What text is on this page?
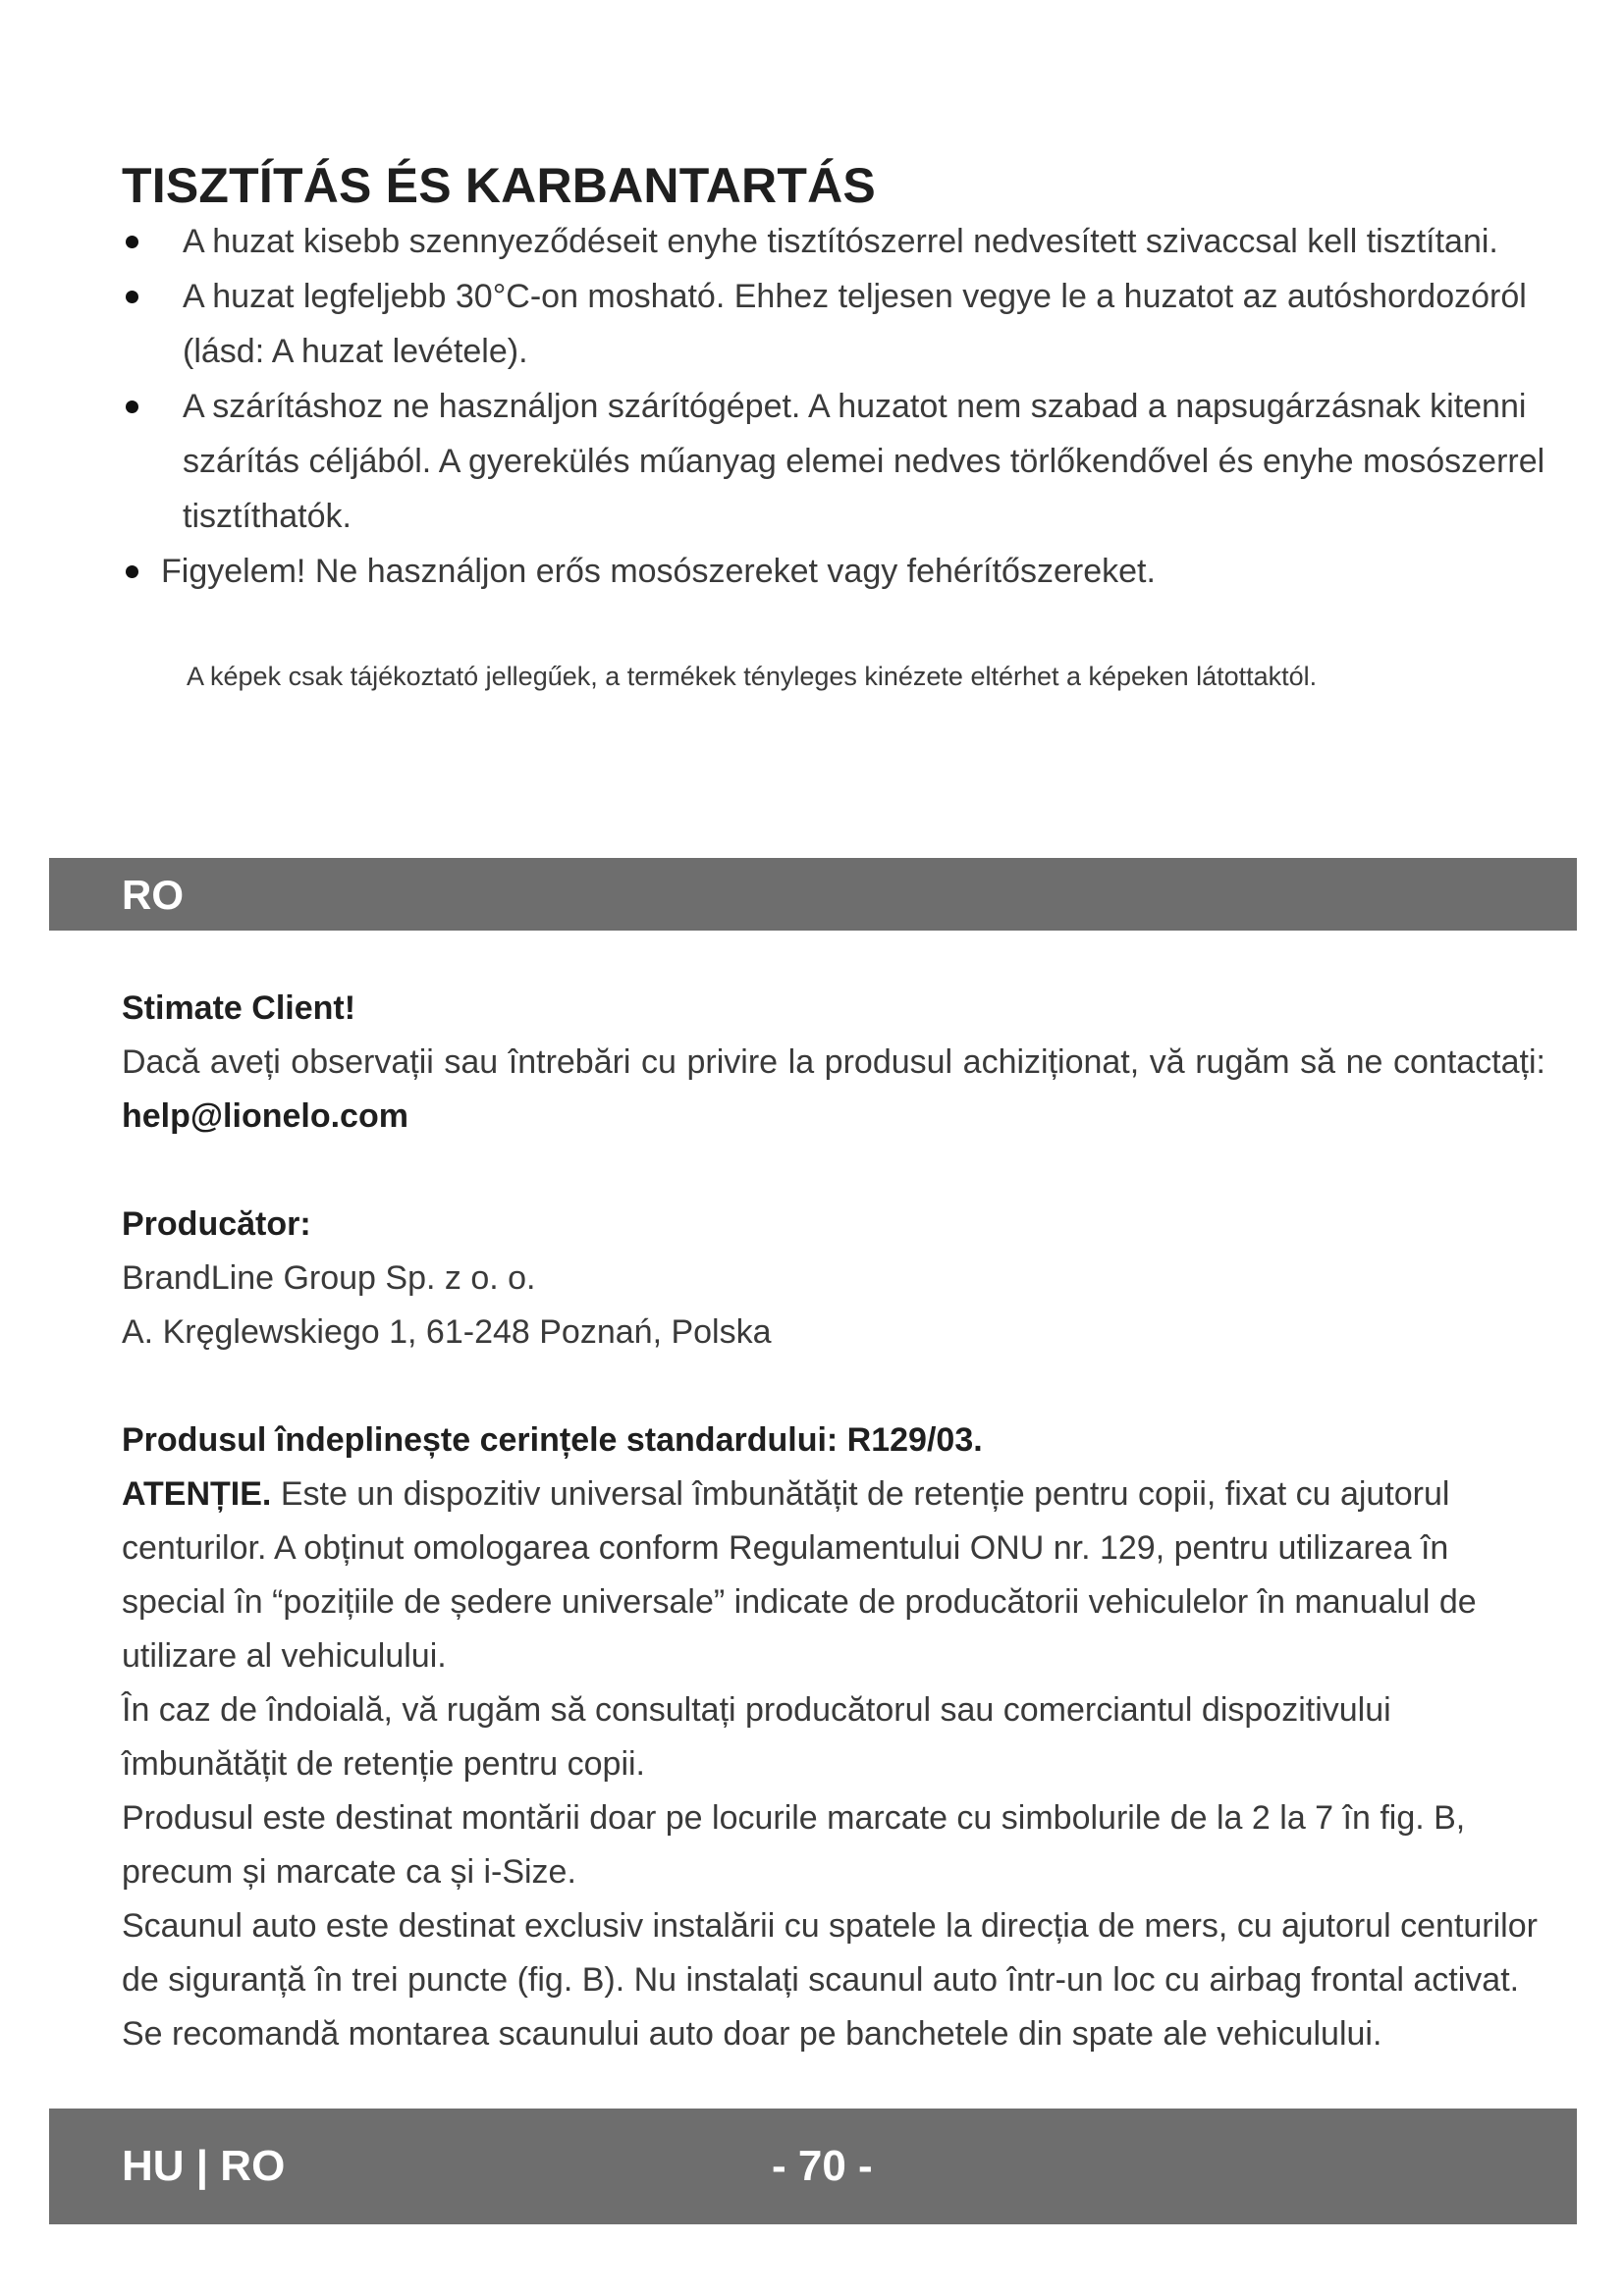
TISZTÍTÁS ÉS KARBANTARTÁS
A huzat kisebb szennyeződéseit enyhe tisztítószerrel nedvesített szivaccsal kell tisztítani.
A huzat legfeljebb 30°C-on mosható. Ehhez teljesen vegye le a huzatot az autóshordozóról (lásd: A huzat levétele).
A szárításhoz ne használjon szárítógépet. A huzatot nem szabad a napsugárzásnak kitenni szárítás céljából. A gyerekülés műanyag elemei nedves törlőkendővel és enyhe mosószerrel tisztíthatók.
Figyelem! Ne használjon erős mosószereket vagy fehérítőszereket.

A képek csak tájékoztató jellegűek, a termékek tényleges kinézete eltérhet a képeken látottaktól.

RO

Stimate Client!

Dacă aveți observații sau întrebări cu privire la produsul achiziționat, vă rugăm să ne contactați: help@lionelo.com

Producător:

BrandLine Group Sp. z o. o.

A. Kręglewskiego 1, 61-248 Poznań, Polska

Produsul îndeplinește cerințele standardului: R129/03.

ATENȚIE. Este un dispozitiv universal îmbunătățit de retenție pentru copii, fixat cu ajutorul centurilor. A obținut omologarea conform Regulamentului ONU nr. 129, pentru utilizarea în special în “pozițiile de ședere universale” indicate de producătorii vehiculelor în manualul de utilizare al vehiculului.

În caz de îndoială, vă rugăm să consultați producătorul sau comerciantul dispozitivului îmbunătățit de retenție pentru copii.

Produsul este destinat montării doar pe locurile marcate cu simbolurile de la 2 la 7 în fig. B, precum și marcate ca și i-Size.

Scaunul auto este destinat exclusiv instalării cu spatele la direcția de mers, cu ajutorul centurilor de siguranță în trei puncte (fig. B). Nu instalați scaunul auto într-un loc cu airbag frontal activat. Se recomandă montarea scaunului auto doar pe banchetele din spate ale vehiculului.

HU | RO	- 70 -
